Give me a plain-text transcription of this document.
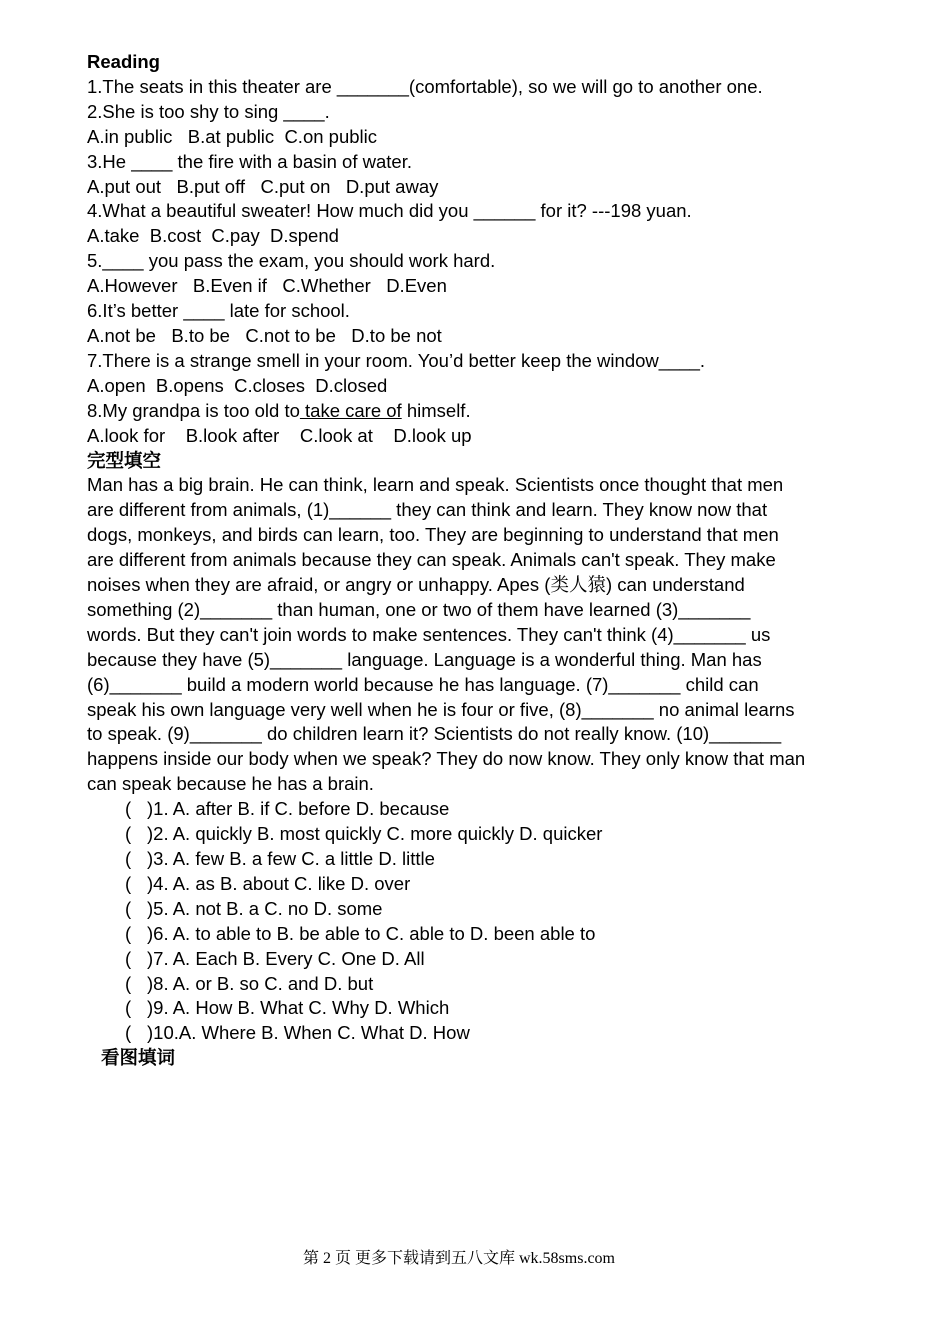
Reading
1.The seats in this theater are _______(comfortable), so we will go to another one.
2.She is too shy to sing ____.
A.in public   B.at public  C.on public
3.He ____ the fire with a basin of water.
A.put out   B.put off   C.put on   D.put away
4.What a beautiful sweater! How much did you ______ for it? ---198 yuan.
A.take  B.cost  C.pay  D.spend
5.____ you pass the exam, you should work hard.
A.However   B.Even if   C.Whether   D.Even
6.It’s better ____ late for school.
A.not be   B.to be   C.not to be   D.to be not
7.There is a strange smell in your room. You’d better keep the window____.
A.open  B.opens  C.closes  D.closed
8.My grandpa is too old to take care of himself.
A.look for    B.look after    C.look at    D.look up
完型填空
Man has a big brain. He can think, learn and speak. Scientists once thought that men
are different from animals, (1)______ they can think and learn. They know now that
dogs, monkeys, and birds can learn, too. They are beginning to understand that men
are different from animals because they can speak. Animals can't speak. They make
noises when they are afraid, or angry or unhappy. Apes (类人猿) can understand
something (2)_______ than human, one or two of them have learned (3)_______
words. But they can't join words to make sentences. They can't think (4)_______ us
because they have (5)_______ language. Language is a wonderful thing. Man has
(6)_______ build a modern world because he has language. (7)_______ child can
speak his own language very well when he is four or five, (8)_______ no animal learns
to speak. (9)_______ do children learn it? Scientists do not really know. (10)_______
happens inside our body when we speak? They do now know. They only know that man
can speak because he has a brain.
( )1. A. after B. if C. before D. because
( )2. A. quickly B. most quickly C. more quickly D. quicker
( )3. A. few B. a few C. a little D. little
( )4. A. as B. about C. like D. over
( )5. A. not B. a C. no D. some
( )6. A. to able to B. be able to C. able to D. been able to
( )7. A. Each B. Every C. One D. All
( )8. A. or B. so C. and D. but
( )9. A. How B. What C. Why D. Which
( )10.A. Where B. When C. What D. How
看图填词
第 2 页 更多下载请到五八文库 wk.58sms.com
